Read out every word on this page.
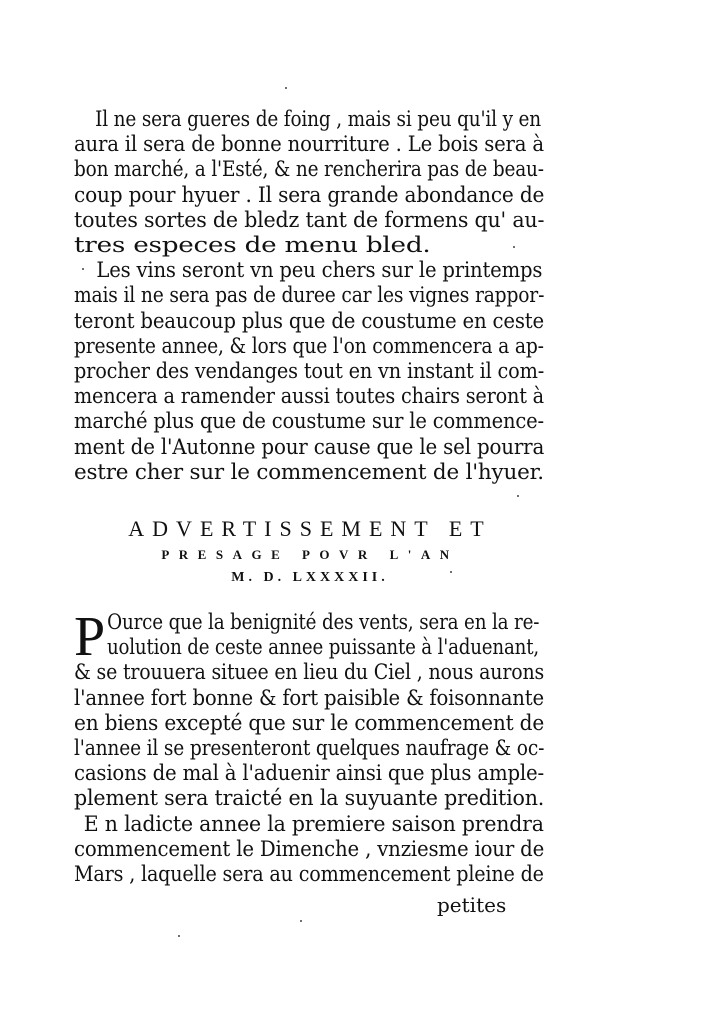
Il ne sera gueres de foing , mais si peu qu'il y en
aura il sera de bonne nourriture . Le bois sera à
bon marché, a l'Esté, & ne rencherira pas de beau-
coup pour hyuer . Il sera grande abondance de
toutes sortes de bledz tant de formens qu' au-
tres especes de menu bled.
Les vins seront vn peu chers sur le printemps
mais il ne sera pas de duree car les vignes rappor-
teront beaucoup plus que de coustume en ceste
presente annee, & lors que l'on commencera a ap-
procher des vendanges tout en vn instant il com-
mencera a ramender aussi toutes chairs seront à
marché plus que de coustume sur le commence-
ment de l'Autonne pour cause que le sel pourra
estre cher sur le commencement de l'hyuer.
ADVERTISSEMENT ET
PRESAGE POVR L'AN
M. D. LXXXXII.
P Ource que la benignité des vents, sera en la re-
uolution de ceste annee puissante à l'aduenant,
& se trouuera situee en lieu du Ciel , nous aurons
l'annee fort bonne & fort paisible & foisonnante
en biens excepté que sur le commencement de
l'annee il se presenteront quelques naufrage & oc-
casions de mal à l'aduenir ainsi que plus ample-
plement sera traicté en la suyuante predition.
E n ladicte annee la premiere saison prendra
commencement le Dimenche , vnziesme iour de
Mars , laquelle sera au commencement pleine de
petites
